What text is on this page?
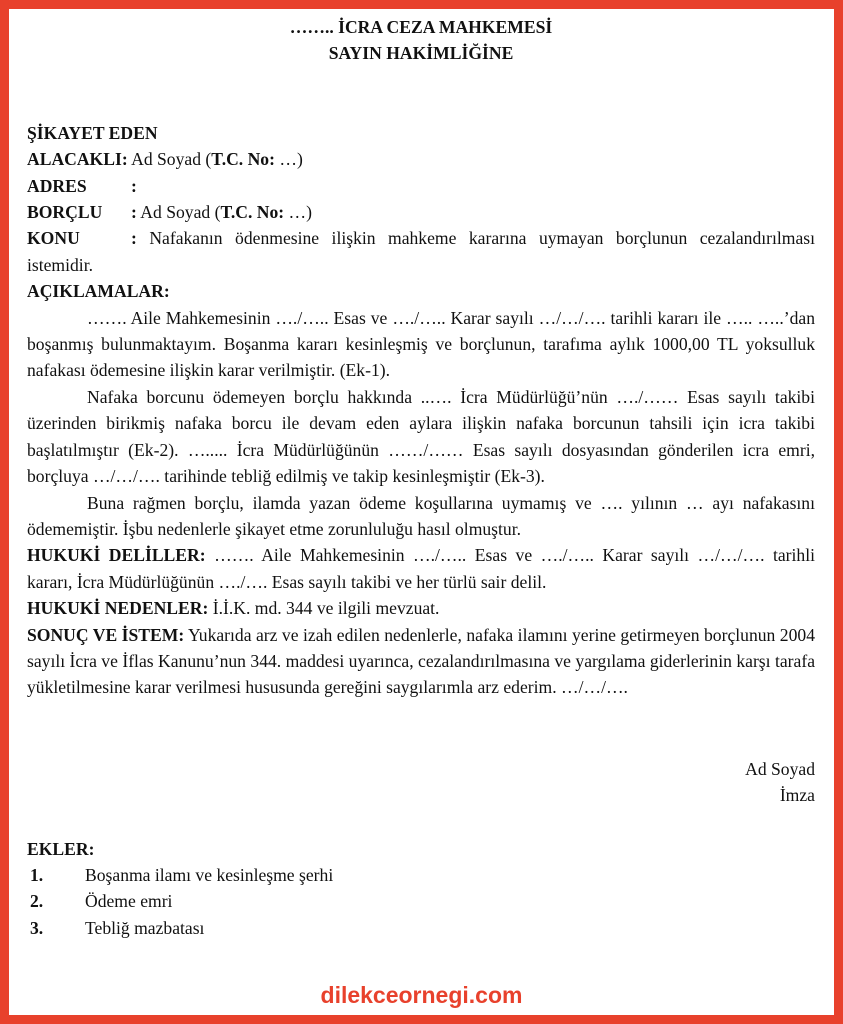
…….. İCRA CEZA MAHKEMESİ

SAYIN HAKİMLİĞİNE

ŞİKAYET EDEN

ALACAKLI: Ad Soyad (T.C. No: …)

ADRES	:

BORÇLU : Ad Soyad (T.C. No: …)

KONU	: Nafakanın ödenmesine ilişkin mahkeme kararına uymayan borçlunun cezalandırılması istemidir.

AÇIKLAMALAR:

……. Aile Mahkemesinin …./….. Esas ve …./….. Karar sayılı …/…/…. tarihli kararı ile ….. …..’dan boşanmış bulunmaktayım. Boşanma kararı kesinleşmiş ve borçlunun, tarafıma aylık 1000,00 TL yoksulluk nafakası ödemesine ilişkin karar verilmiştir. (Ek-1).

Nafaka borcunu ödemeyen borçlu hakkında ..…. İcra Müdürlüğü’nün …./…… Esas sayılı takibi üzerinden birikmiş nafaka borcu ile devam eden aylara ilişkin nafaka borcunun tahsili için icra takibi başlatılmıştır (Ek-2). …..... İcra Müdürlüğünün ……/…… Esas sayılı dosyasından gönderilen icra emri, borçluya …/…/…. tarihinde tebliğ edilmiş ve takip kesinleşmiştir (Ek-3).

Buna rağmen borçlu, ilamda yazan ödeme koşullarına uymamış ve …. yılının … ayı nafakasını ödememiştir. İşbu nedenlerle şikayet etme zorunluluğu hasıl olmuştur.

HUKUKİ DELİLLER: ……. Aile Mahkemesinin …./….. Esas ve …./….. Karar sayılı …/…/…. tarihli kararı, İcra Müdürlüğünün …./…. Esas sayılı takibi ve her türlü sair delil.

HUKUKİ NEDENLER: İ.İ.K. md. 344 ve ilgili mevzuat.

SONUÇ VE İSTEM: Yukarıda arz ve izah edilen nedenlerle, nafaka ilamını yerine getirmeyen borçlunun 2004 sayılı İcra ve İflas Kanunu’nun 344. maddesi uyarınca, cezalandırılmasına ve yargılama giderlerinin karşı tarafa yükletilmesine karar verilmesi hususunda gereğini saygılarımla arz ederim. …/…/….

Ad Soyad

İmza

EKLER:

1. Boşanma ilamı ve kesinleşme şerhi
2. Ödeme emri
3. Tebliğ mazbatası
dilekceornegi.com
